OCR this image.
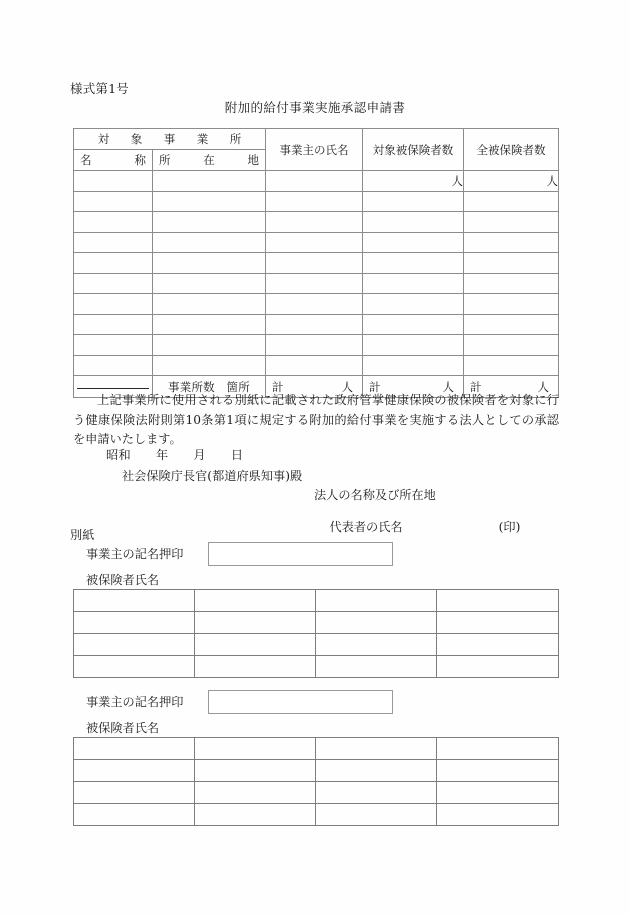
様式第1号
附加的給付事業実施承認申請書
対　象　事　業　所		事業主の氏名	対象被保険者数	全被保険者数

名 称	所 在 地			

			人	人

	事業所数　箇所	計 人	計 人	計 人
上記事業所に使用される別紙に記載された政府管掌健康保険の被保険者を対象に行う健康保険法附則第10条第1項に規定する附加的給付事業を実施する法人としての承認を申請いたします。
昭和　　年　　月　　日
社会保険庁長官(都道府県知事)殿
法人の名称及び所在地

代表者の氏名	(印)

別紙
事業主の記名押印
被保険者氏名

事業主の記名押印
被保険者氏名
